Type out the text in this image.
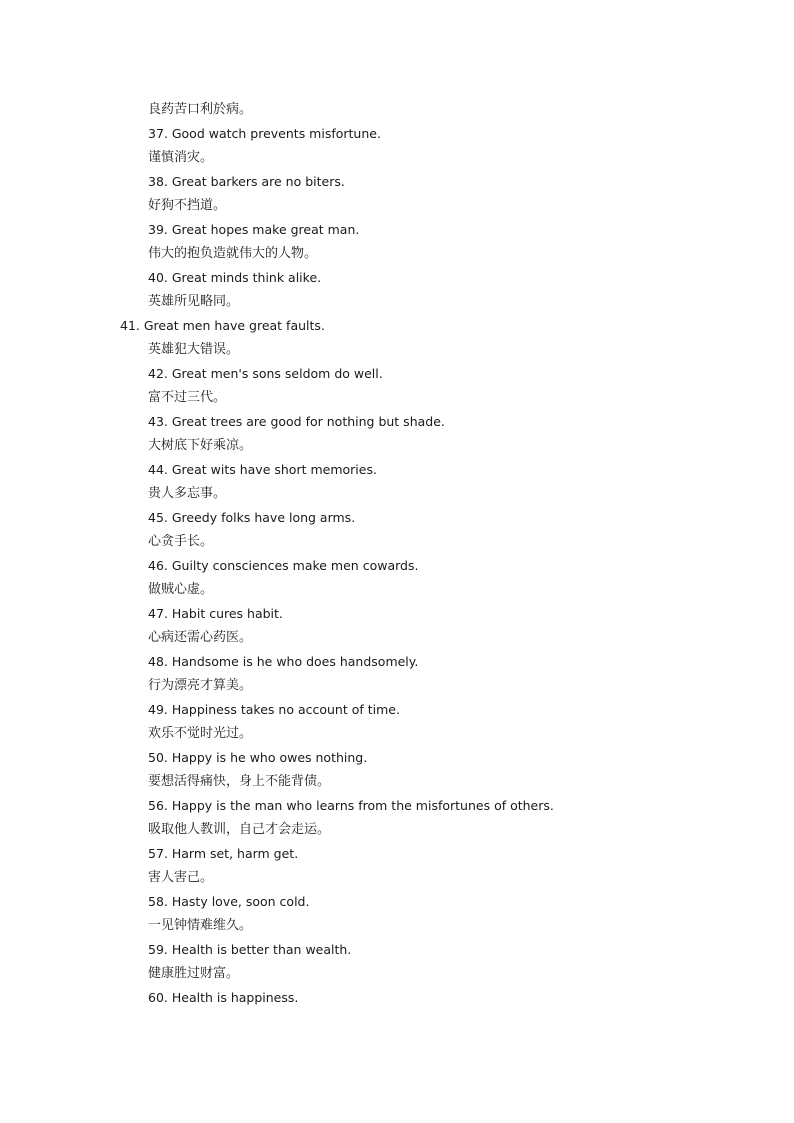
良药苦口利於病。
37. Good watch prevents misfortune.
谨慎消灾。
38. Great barkers are no biters.
好狗不挡道。
39. Great hopes make great man.
伟大的抱负造就伟大的人物。
40. Great minds think alike.
英雄所见略同。
41. Great men have great faults.
英雄犯大错误。
42. Great men's sons seldom do well.
富不过三代。
43. Great trees are good for nothing but shade.
大树底下好乘凉。
44. Great wits have short memories.
贵人多忘事。
45. Greedy folks have long arms.
心贪手长。
46. Guilty consciences make men cowards.
做贼心虚。
47. Habit cures habit.
心病还需心药医。
48. Handsome is he who does handsomely.
行为漂亮才算美。
49. Happiness takes no account of time.
欢乐不觉时光过。
50. Happy is he who owes nothing.
要想活得痛快，身上不能背债。
56. Happy is the man who learns from the misfortunes of others.
吸取他人教训，自己才会走运。
57. Harm set, harm get.
害人害己。
58. Hasty love, soon cold.
一见钟情难维久。
59. Health is better than wealth.
健康胜过财富。
60. Health is happiness.
